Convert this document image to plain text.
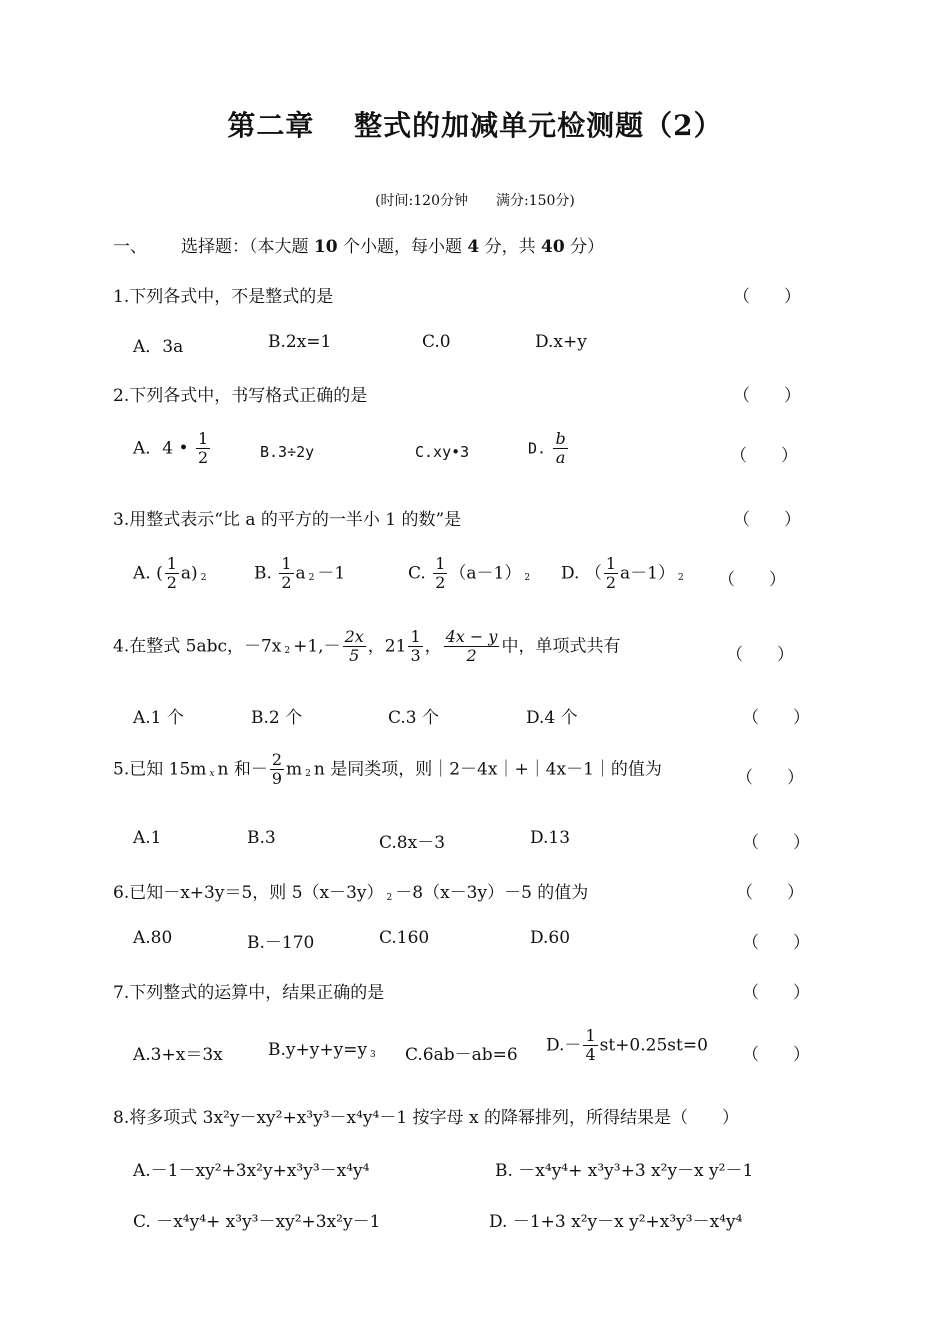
第二章　 整式的加减单元检测题（2）
(时间:120分钟　　满分:150分)
一、 选择题：（本大题 10 个小题，每小题 4 分，共 40 分）
1.下列各式中，不是整式的是	（　　）
A．3a	B.2x=1	C.0	D.x+y
2.下列各式中，书写格式正确的是	（　　）
A．4 • $\frac{1}{2}$	B.3÷2y	C.xy•3	D. $\frac{b}{a}$	（　　）
3.用整式表示“比 a 的平方的一半小 1 的数”是	（　　）
A. ( $\frac{1}{2} a$) $^2$	B. $\frac{1}{2}$ a $^2$ －1	C. $\frac{1}{2} (a-1)$ $^2$ D. （ $\frac{1}{2} a-1$） $^2$ （　　）
4.在整式 5abc，－7x $^2 +1,- \frac{2x}{5}$ ，$21 \frac{1}{3}$ ， $\frac{4x - y}{2}$ 中，单项式共有	（　　）
A.1 个	B.2 个	C.3 个	D.4 个	（　　）
5.已知 15m $^x$ n 和－ $\frac{2}{9}$ m $^2$ n 是同类项，则｜2－4x｜+｜4x－1｜的值为	（　　）
A.1	B.3	C.8x－3	D.13	（　　）
6.已知－x+3y＝5，则 5（x－3y） $^2$ －8（x－3y）－5 的值为	（　　）
A.80	B.－170	C.160	D.60	（　　）
7.下列整式的运算中，结果正确的是	（　　）
A.3+x＝3x	B.y+y+y=y $^3$ C.6ab－ab=6 $D.- \frac{1}{4} st+0.25st=0$ （　　）
8.将多项式 3x²y－xy²+x³y³－x⁴y⁴－1 按字母 x 的降幂排列，所得结果是（　　）
A.－1－xy²+3x²y+x³y³－x⁴y⁴	B. －x⁴y⁴+ x³y³+3 x²y－x y²－1
C. －x⁴y⁴+ x³y³－xy²+3x²y－1	D. －1+3 x²y－x y²+x³y³－x⁴y⁴
